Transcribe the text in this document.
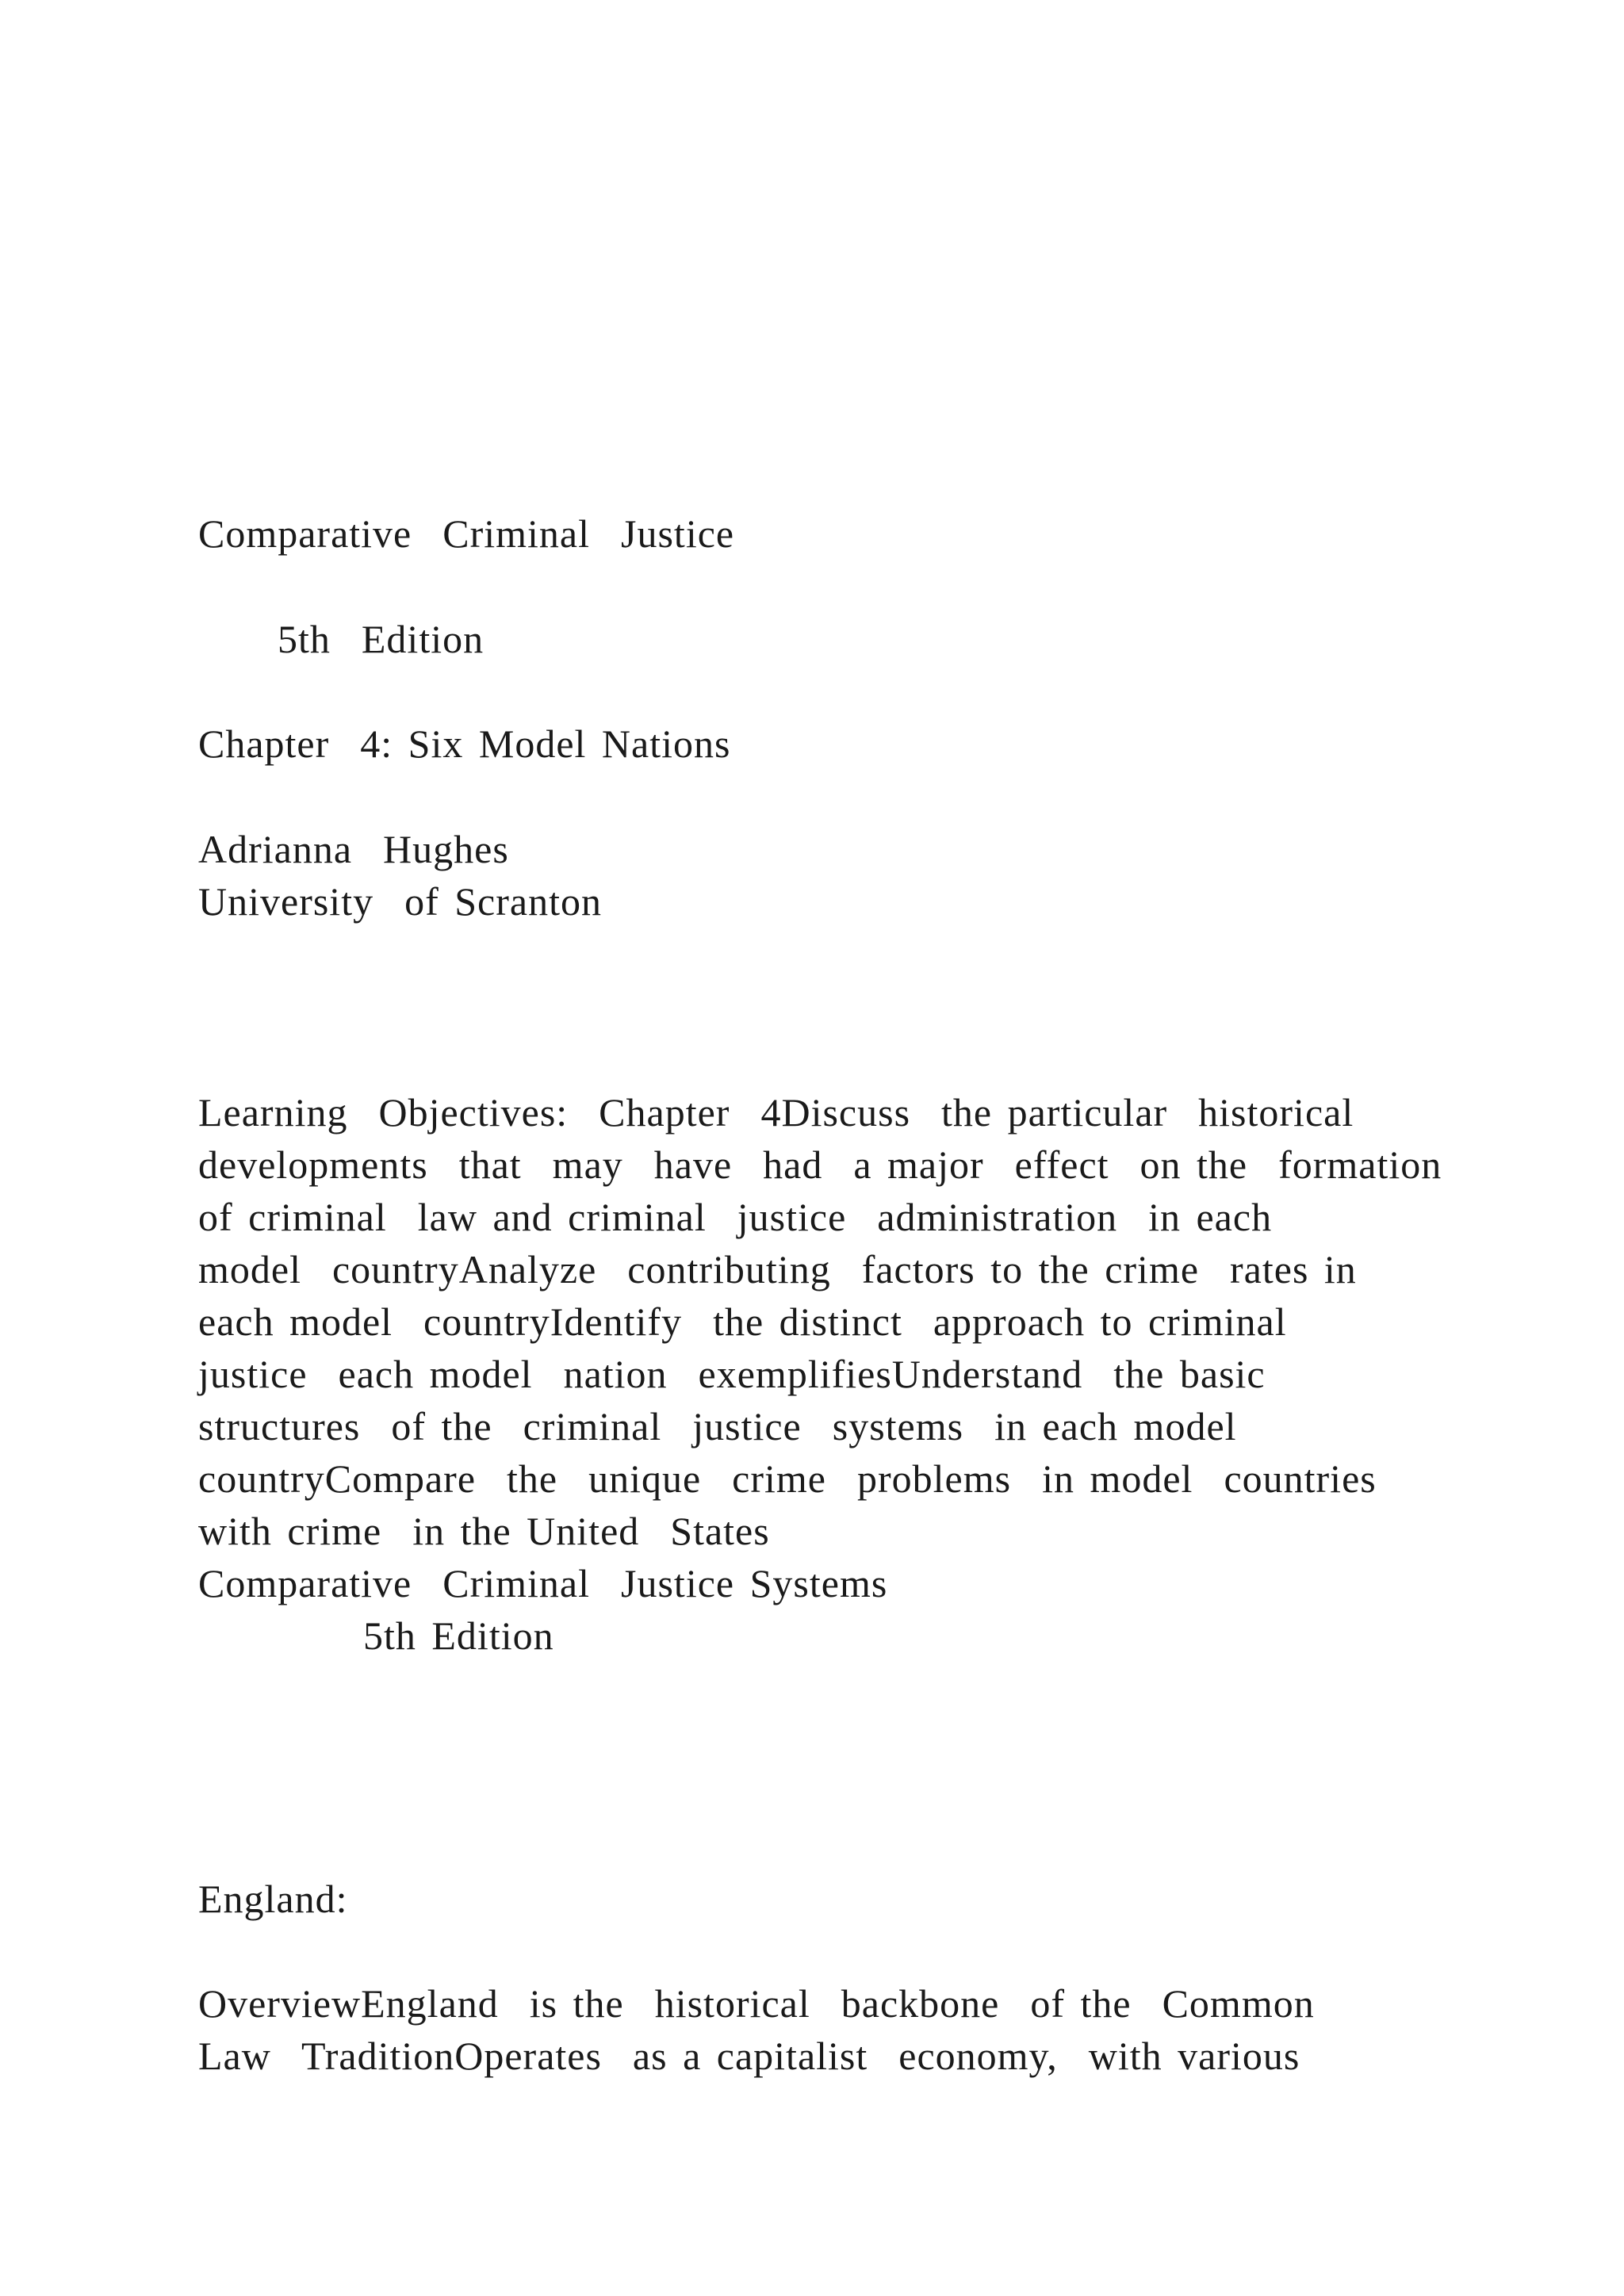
Comparative  Criminal  Justice
5th  Edition
Chapter  4: Six Model Nations
Adrianna  Hughes
University  of Scranton
Learning  Objectives:  Chapter  4Discuss  the particular  historical
developments  that  may  have  had  a major  effect  on the  formation
of criminal  law and criminal  justice  administration  in each
model  countryAnalyze  contributing  factors to the crime  rates in
each model  countryIdentify  the distinct  approach to criminal
justice  each model  nation  exemplifiesUnderstand  the basic
structures  of the  criminal  justice  systems  in each model
countryCompare  the  unique  crime  problems  in model  countries
with crime  in the United  States
Comparative  Criminal  Justice Systems
5th Edition
England:
OverviewEngland  is the  historical  backbone  of the  Common
Law  TraditionOperates  as a capitalist  economy,  with various
